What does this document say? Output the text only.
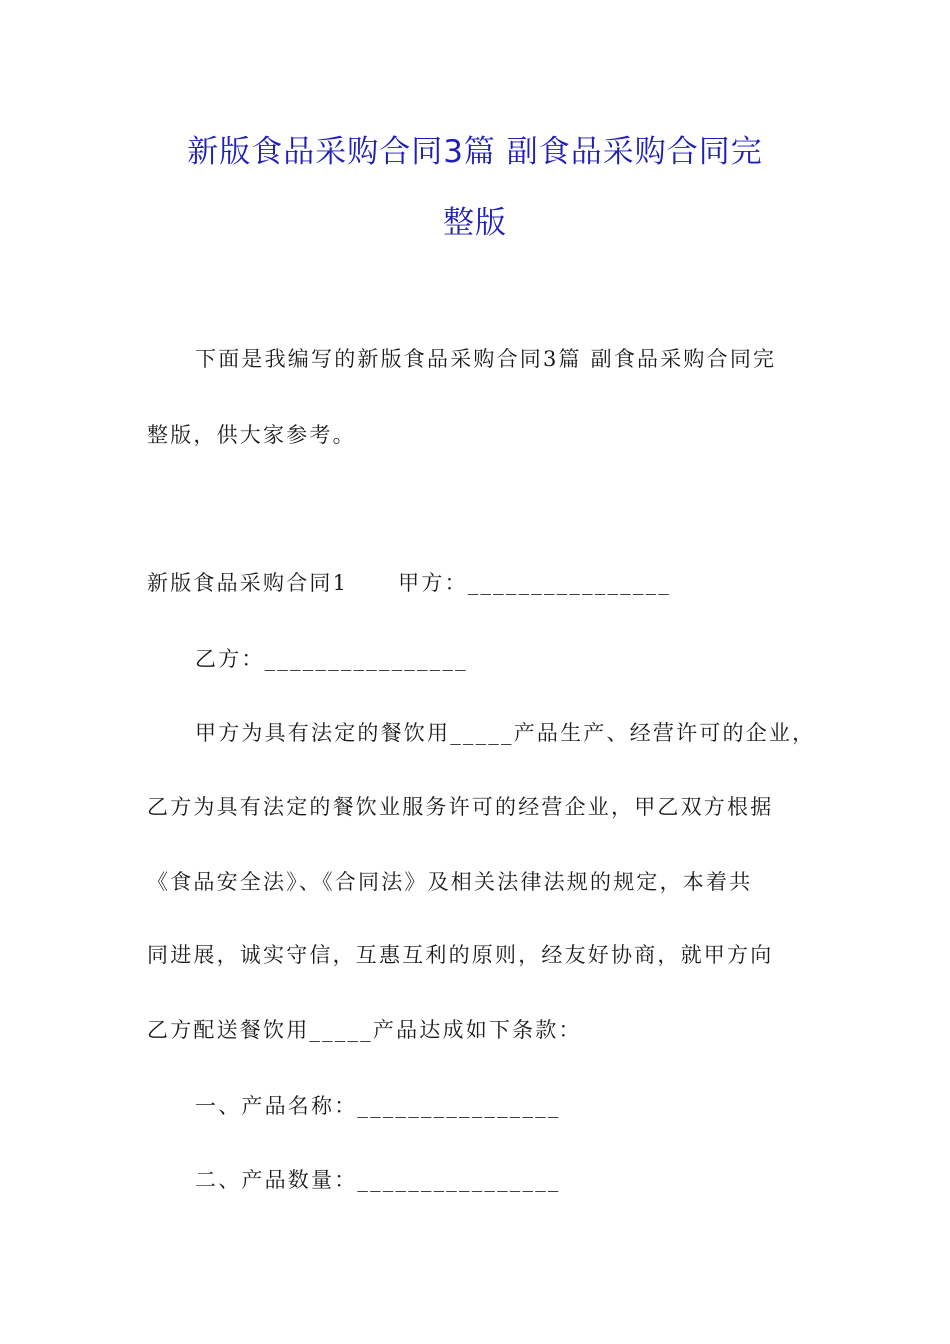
新版食品采购合同3篇 副食品采购合同完
整版
下面是我编写的新版食品采购合同3篇 副食品采购合同完
整版，供大家参考。
新版食品采购合同1 甲方：________________
乙方：________________
甲方为具有法定的餐饮用_____产品生产、经营许可的企业，
乙方为具有法定的餐饮业服务许可的经营企业，甲乙双方根据
《食品安全法》、《合同法》及相关法律法规的规定，本着共
同进展，诚实守信，互惠互利的原则，经友好协商，就甲方向
乙方配送餐饮用_____产品达成如下条款：
一、产品名称：________________
二、产品数量：________________
